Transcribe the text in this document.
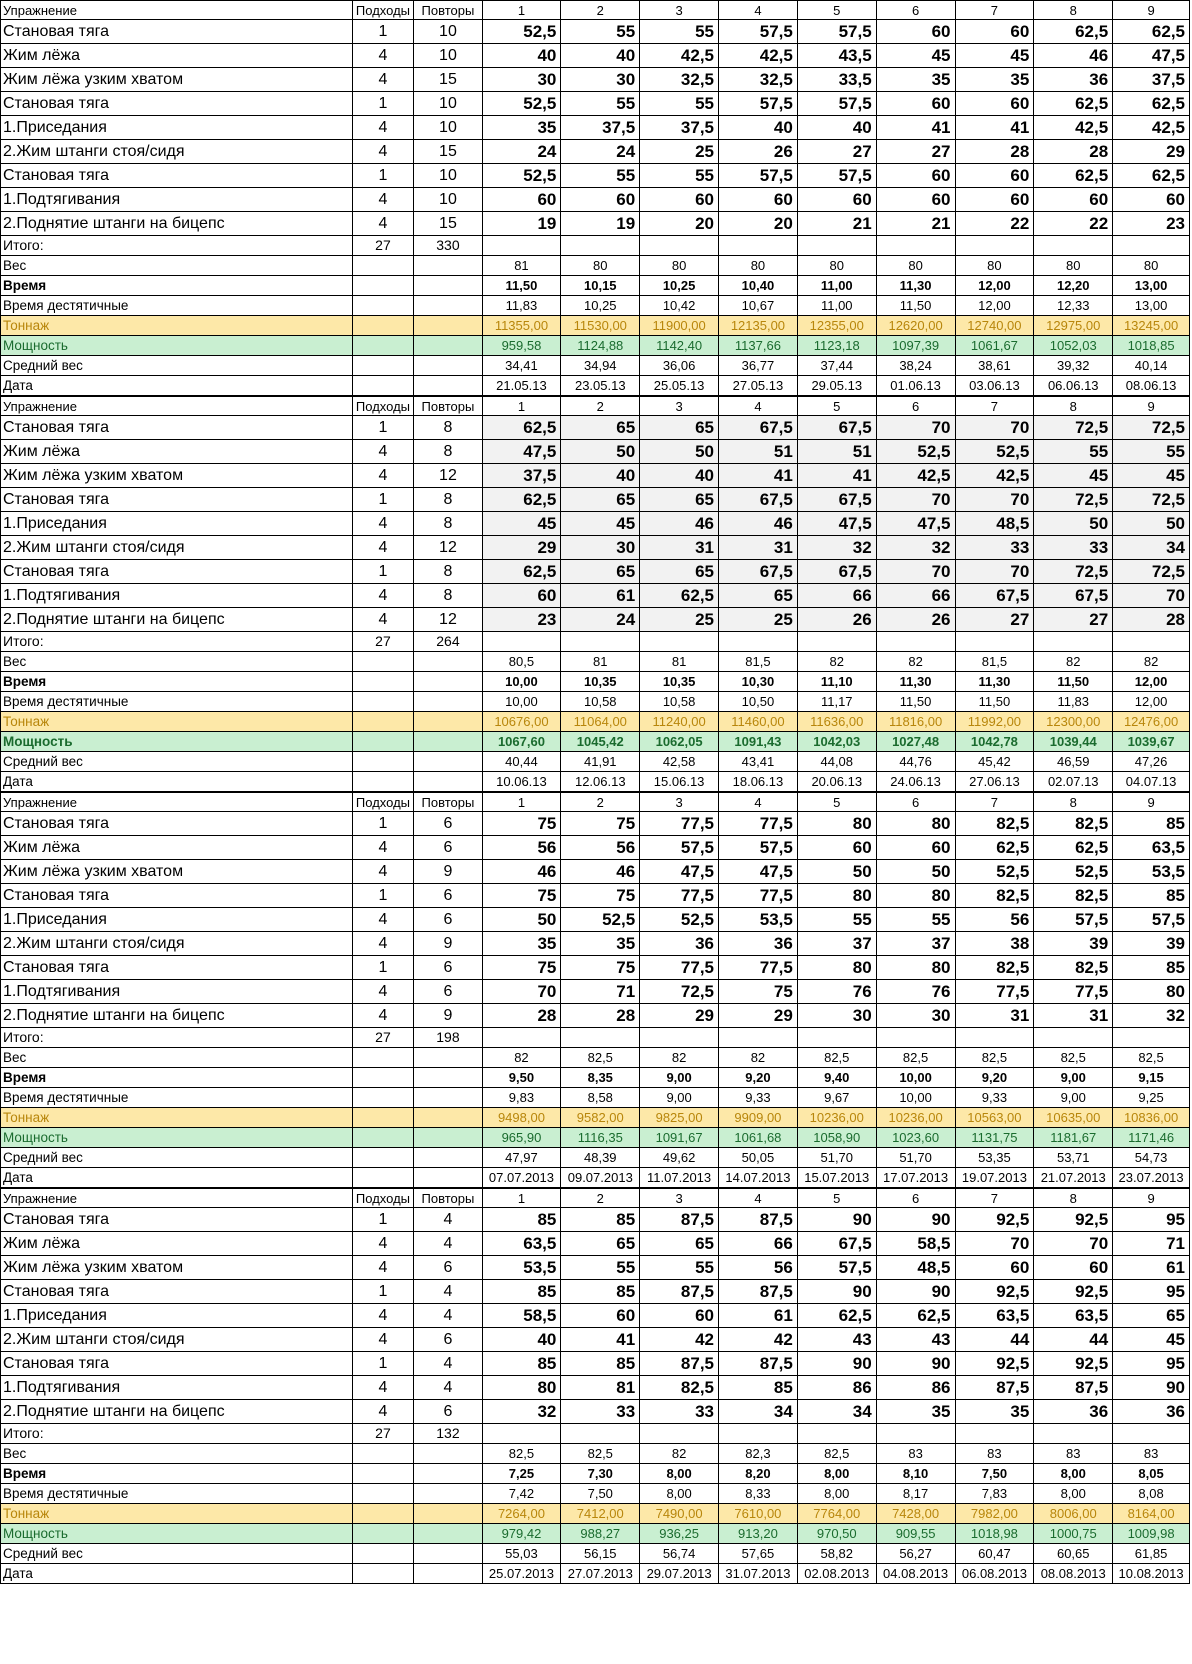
Упражнение	Подходы	Повторы	1	2	3	4	5	6	7	8	9
Становая тяга	1	10	52,5	55	55	57,5	57,5	60	60	62,5	62,5
Жим лёжа	4	10	40	40	42,5	42,5	43,5	45	45	46	47,5
Жим лёжа узким хватом	4	15	30	30	32,5	32,5	33,5	35	35	36	37,5
Становая тяга	1	10	52,5	55	55	57,5	57,5	60	60	62,5	62,5
1.Приседания	4	10	35	37,5	37,5	40	40	41	41	42,5	42,5
2.Жим штанги стоя/сидя	4	15	24	24	25	26	27	27	28	28	29
Становая тяга	1	10	52,5	55	55	57,5	57,5	60	60	62,5	62,5
1.Подтягивания	4	10	60	60	60	60	60	60	60	60	60
2.Поднятие штанги на бицепс	4	15	19	19	20	20	21	21	22	22	23
Итого:	27	330									
Вес			81	80	80	80	80	80	80	80	80
Время			11,50	10,15	10,25	10,40	11,00	11,30	12,00	12,20	13,00
Время дестятичные			11,83	10,25	10,42	10,67	11,00	11,50	12,00	12,33	13,00
Тоннаж			11355,00	11530,00	11900,00	12135,00	12355,00	12620,00	12740,00	12975,00	13245,00
Мощность			959,58	1124,88	1142,40	1137,66	1123,18	1097,39	1061,67	1052,03	1018,85
Средний вес			34,41	34,94	36,06	36,77	37,44	38,24	38,61	39,32	40,14
Дата			21.05.13	23.05.13	25.05.13	27.05.13	29.05.13	01.06.13	03.06.13	06.06.13	08.06.13
Упражнение	Подходы	Повторы	1	2	3	4	5	6	7	8	9
Становая тяга	1	8	62,5	65	65	67,5	67,5	70	70	72,5	72,5
Жим лёжа	4	8	47,5	50	50	51	51	52,5	52,5	55	55
Жим лёжа узким хватом	4	12	37,5	40	40	41	41	42,5	42,5	45	45
Становая тяга	1	8	62,5	65	65	67,5	67,5	70	70	72,5	72,5
1.Приседания	4	8	45	45	46	46	47,5	47,5	48,5	50	50
2.Жим штанги стоя/сидя	4	12	29	30	31	31	32	32	33	33	34
Становая тяга	1	8	62,5	65	65	67,5	67,5	70	70	72,5	72,5
1.Подтягивания	4	8	60	61	62,5	65	66	66	67,5	67,5	70
2.Поднятие штанги на бицепс	4	12	23	24	25	25	26	26	27	27	28
Итого:	27	264									
Вес			80,5	81	81	81,5	82	82	81,5	82	82
Время			10,00	10,35	10,35	10,30	11,10	11,30	11,30	11,50	12,00
Время дестятичные			10,00	10,58	10,58	10,50	11,17	11,50	11,50	11,83	12,00
Тоннаж			10676,00	11064,00	11240,00	11460,00	11636,00	11816,00	11992,00	12300,00	12476,00
Мощность			1067,60	1045,42	1062,05	1091,43	1042,03	1027,48	1042,78	1039,44	1039,67
Средний вес			40,44	41,91	42,58	43,41	44,08	44,76	45,42	46,59	47,26
Дата			10.06.13	12.06.13	15.06.13	18.06.13	20.06.13	24.06.13	27.06.13	02.07.13	04.07.13
Упражнение	Подходы	Повторы	1	2	3	4	5	6	7	8	9
Становая тяга	1	6	75	75	77,5	77,5	80	80	82,5	82,5	85
Жим лёжа	4	6	56	56	57,5	57,5	60	60	62,5	62,5	63,5
Жим лёжа узким хватом	4	9	46	46	47,5	47,5	50	50	52,5	52,5	53,5
Становая тяга	1	6	75	75	77,5	77,5	80	80	82,5	82,5	85
1.Приседания	4	6	50	52,5	52,5	53,5	55	55	56	57,5	57,5
2.Жим штанги стоя/сидя	4	9	35	35	36	36	37	37	38	39	39
Становая тяга	1	6	75	75	77,5	77,5	80	80	82,5	82,5	85
1.Подтягивания	4	6	70	71	72,5	75	76	76	77,5	77,5	80
2.Поднятие штанги на бицепс	4	9	28	28	29	29	30	30	31	31	32
Итого:	27	198									
Вес			82	82,5	82	82	82,5	82,5	82,5	82,5	82,5
Время			9,50	8,35	9,00	9,20	9,40	10,00	9,20	9,00	9,15
Время дестятичные			9,83	8,58	9,00	9,33	9,67	10,00	9,33	9,00	9,25
Тоннаж			9498,00	9582,00	9825,00	9909,00	10236,00	10236,00	10563,00	10635,00	10836,00
Мощность			965,90	1116,35	1091,67	1061,68	1058,90	1023,60	1131,75	1181,67	1171,46
Средний вес			47,97	48,39	49,62	50,05	51,70	51,70	53,35	53,71	54,73
Дата			07.07.2013	09.07.2013	11.07.2013	14.07.2013	15.07.2013	17.07.2013	19.07.2013	21.07.2013	23.07.2013
Упражнение	Подходы	Повторы	1	2	3	4	5	6	7	8	9
Становая тяга	1	4	85	85	87,5	87,5	90	90	92,5	92,5	95
Жим лёжа	4	4	63,5	65	65	66	67,5	58,5	70	70	71
Жим лёжа узким хватом	4	6	53,5	55	55	56	57,5	48,5	60	60	61
Становая тяга	1	4	85	85	87,5	87,5	90	90	92,5	92,5	95
1.Приседания	4	4	58,5	60	60	61	62,5	62,5	63,5	63,5	65
2.Жим штанги стоя/сидя	4	6	40	41	42	42	43	43	44	44	45
Становая тяга	1	4	85	85	87,5	87,5	90	90	92,5	92,5	95
1.Подтягивания	4	4	80	81	82,5	85	86	86	87,5	87,5	90
2.Поднятие штанги на бицепс	4	6	32	33	33	34	34	35	35	36	36
Итого:	27	132									
Вес			82,5	82,5	82	82,3	82,5	83	83	83	83
Время			7,25	7,30	8,00	8,20	8,00	8,10	7,50	8,00	8,05
Время дестятичные			7,42	7,50	8,00	8,33	8,00	8,17	7,83	8,00	8,08
Тоннаж			7264,00	7412,00	7490,00	7610,00	7764,00	7428,00	7982,00	8006,00	8164,00
Мощность			979,42	988,27	936,25	913,20	970,50	909,55	1018,98	1000,75	1009,98
Средний вес			55,03	56,15	56,74	57,65	58,82	56,27	60,47	60,65	61,85
Дата			25.07.2013	27.07.2013	29.07.2013	31.07.2013	02.08.2013	04.08.2013	06.08.2013	08.08.2013	10.08.2013
